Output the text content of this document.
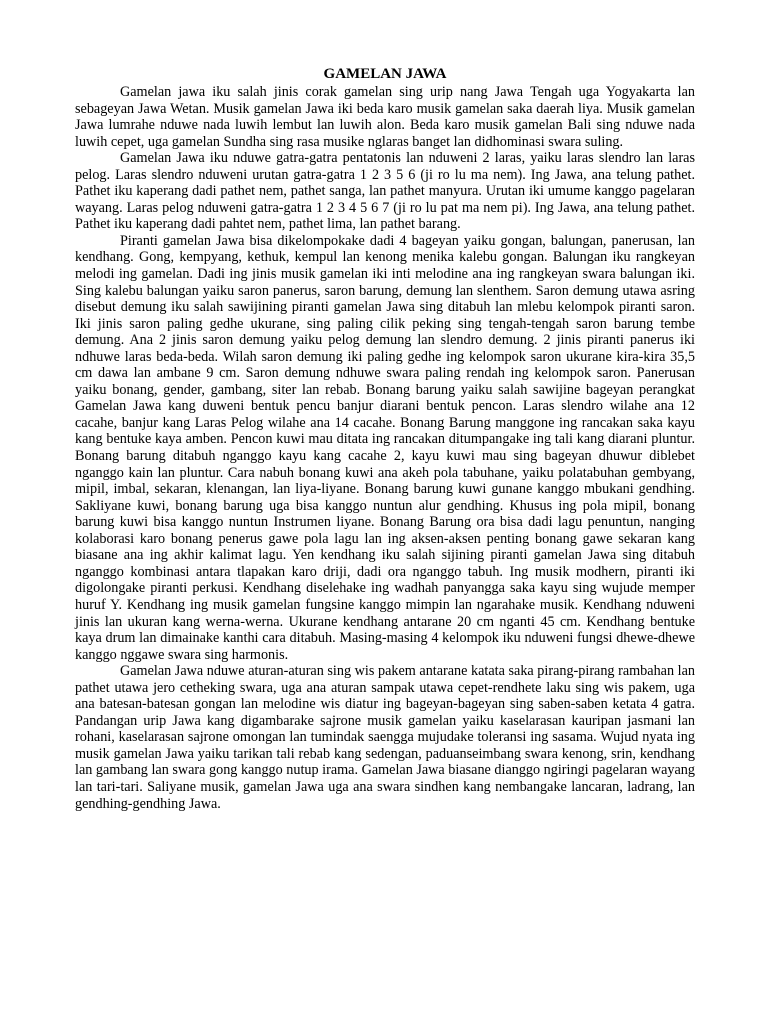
GAMELAN JAWA

Gamelan jawa iku salah jinis corak gamelan sing urip nang Jawa Tengah uga Yogyakarta lan sebageyan Jawa Wetan. Musik gamelan Jawa iki beda karo musik gamelan saka daerah liya. Musik gamelan Jawa lumrahe nduwe nada luwih lembut lan luwih alon. Beda karo musik gamelan Bali sing nduwe nada luwih cepet, uga gamelan Sundha sing rasa musike nglaras banget lan didhominasi swara suling.

Gamelan Jawa iku nduwe gatra-gatra pentatonis lan nduweni 2 laras, yaiku laras slendro lan laras pelog. Laras slendro nduweni urutan gatra-gatra 1 2 3 5 6 (ji ro lu ma nem). Ing Jawa, ana telung pathet. Pathet iku kaperang dadi pathet nem, pathet sanga, lan pathet manyura. Urutan iki umume kanggo pagelaran wayang. Laras pelog nduweni gatra-gatra 1 2 3 4 5 6 7 (ji ro lu pat ma nem pi). Ing Jawa, ana telung pathet. Pathet iku kaperang dadi pahtet nem, pathet lima, lan pathet barang.

Piranti gamelan Jawa bisa dikelompokake dadi 4 bageyan yaiku gongan, balungan, panerusan, lan kendhang. Gong, kempyang, kethuk, kempul lan kenong menika kalebu gongan. Balungan iku rangkeyan melodi ing gamelan. Dadi ing jinis musik gamelan iki inti melodine ana ing rangkeyan swara balungan iki. Sing kalebu balungan yaiku saron panerus, saron barung, demung lan slenthem. Saron demung utawa asring disebut demung iku salah sawijining piranti gamelan Jawa sing ditabuh lan mlebu kelompok piranti saron. Iki jinis saron paling gedhe ukurane, sing paling cilik peking sing tengah-tengah saron barung tembe demung. Ana 2 jinis saron demung yaiku pelog demung lan slendro demung. 2 jinis piranti panerus iki ndhuwe laras beda-beda. Wilah saron demung iki paling gedhe ing kelompok saron ukurane kira-kira 35,5 cm dawa lan ambane 9 cm. Saron demung ndhuwe swara paling rendah ing kelompok saron. Panerusan yaiku bonang, gender, gambang, siter lan rebab. Bonang barung yaiku salah sawijine bageyan perangkat Gamelan Jawa kang duweni bentuk pencu banjur diarani bentuk pencon. Laras slendro wilahe ana 12 cacahe, banjur kang Laras Pelog wilahe ana 14 cacahe. Bonang Barung manggone ing rancakan saka kayu kang bentuke kaya amben. Pencon kuwi mau ditata ing rancakan ditumpangake ing tali kang diarani pluntur. Bonang barung ditabuh nganggo kayu kang cacahe 2, kayu kuwi mau sing bageyan dhuwur diblebet nganggo kain lan pluntur. Cara nabuh bonang kuwi ana akeh pola tabuhane, yaiku polatabuhan gembyang, mipil, imbal, sekaran, klenangan, lan liya-liyane. Bonang barung kuwi gunane kanggo mbukani gendhing. Sakliyane kuwi, bonang barung uga bisa kanggo nuntun alur gendhing. Khusus ing pola mipil, bonang barung kuwi bisa kanggo nuntun Instrumen liyane. Bonang Barung ora bisa dadi lagu penuntun, nanging kolaborasi karo bonang penerus gawe pola lagu lan ing aksen-aksen penting bonang gawe sekaran kang biasane ana ing akhir kalimat lagu. Yen kendhang iku salah sijining piranti gamelan Jawa sing ditabuh nganggo kombinasi antara tlapakan karo driji, dadi ora nganggo tabuh. Ing musik modhern, piranti iki digolongake piranti perkusi. Kendhang diselehake ing wadhah panyangga saka kayu sing wujude memper huruf Y. Kendhang ing musik gamelan fungsine kanggo mimpin lan ngarahake musik. Kendhang nduweni jinis lan ukuran kang werna-werna. Ukurane kendhang antarane 20 cm nganti 45 cm. Kendhang bentuke kaya drum lan dimainake kanthi cara ditabuh. Masing-masing 4 kelompok iku nduweni fungsi dhewe-dhewe kanggo nggawe swara sing harmonis.

Gamelan Jawa nduwe aturan-aturan sing wis pakem antarane katata saka pirang-pirang rambahan lan pathet utawa jero cetheking swara, uga ana aturan sampak utawa cepet-rendhete laku sing wis pakem, uga ana batesan-batesan gongan lan melodine wis diatur ing bageyan-bageyan sing saben-saben ketata 4 gatra. Pandangan urip Jawa kang digambarake sajrone musik gamelan yaiku kaselarasan kauripan jasmani lan rohani, kaselarasan sajrone omongan lan tumindak saengga mujudake toleransi ing sasama. Wujud nyata ing musik gamelan Jawa yaiku tarikan tali rebab kang sedengan, paduanseimbang swara kenong, srin, kendhang lan gambang lan swara gong kanggo nutup irama. Gamelan Jawa biasane dianggo ngiringi pagelaran wayang lan tari-tari. Saliyane musik, gamelan Jawa uga ana swara sindhen kang nembangake lancaran, ladrang, lan gendhing-gendhing Jawa.
